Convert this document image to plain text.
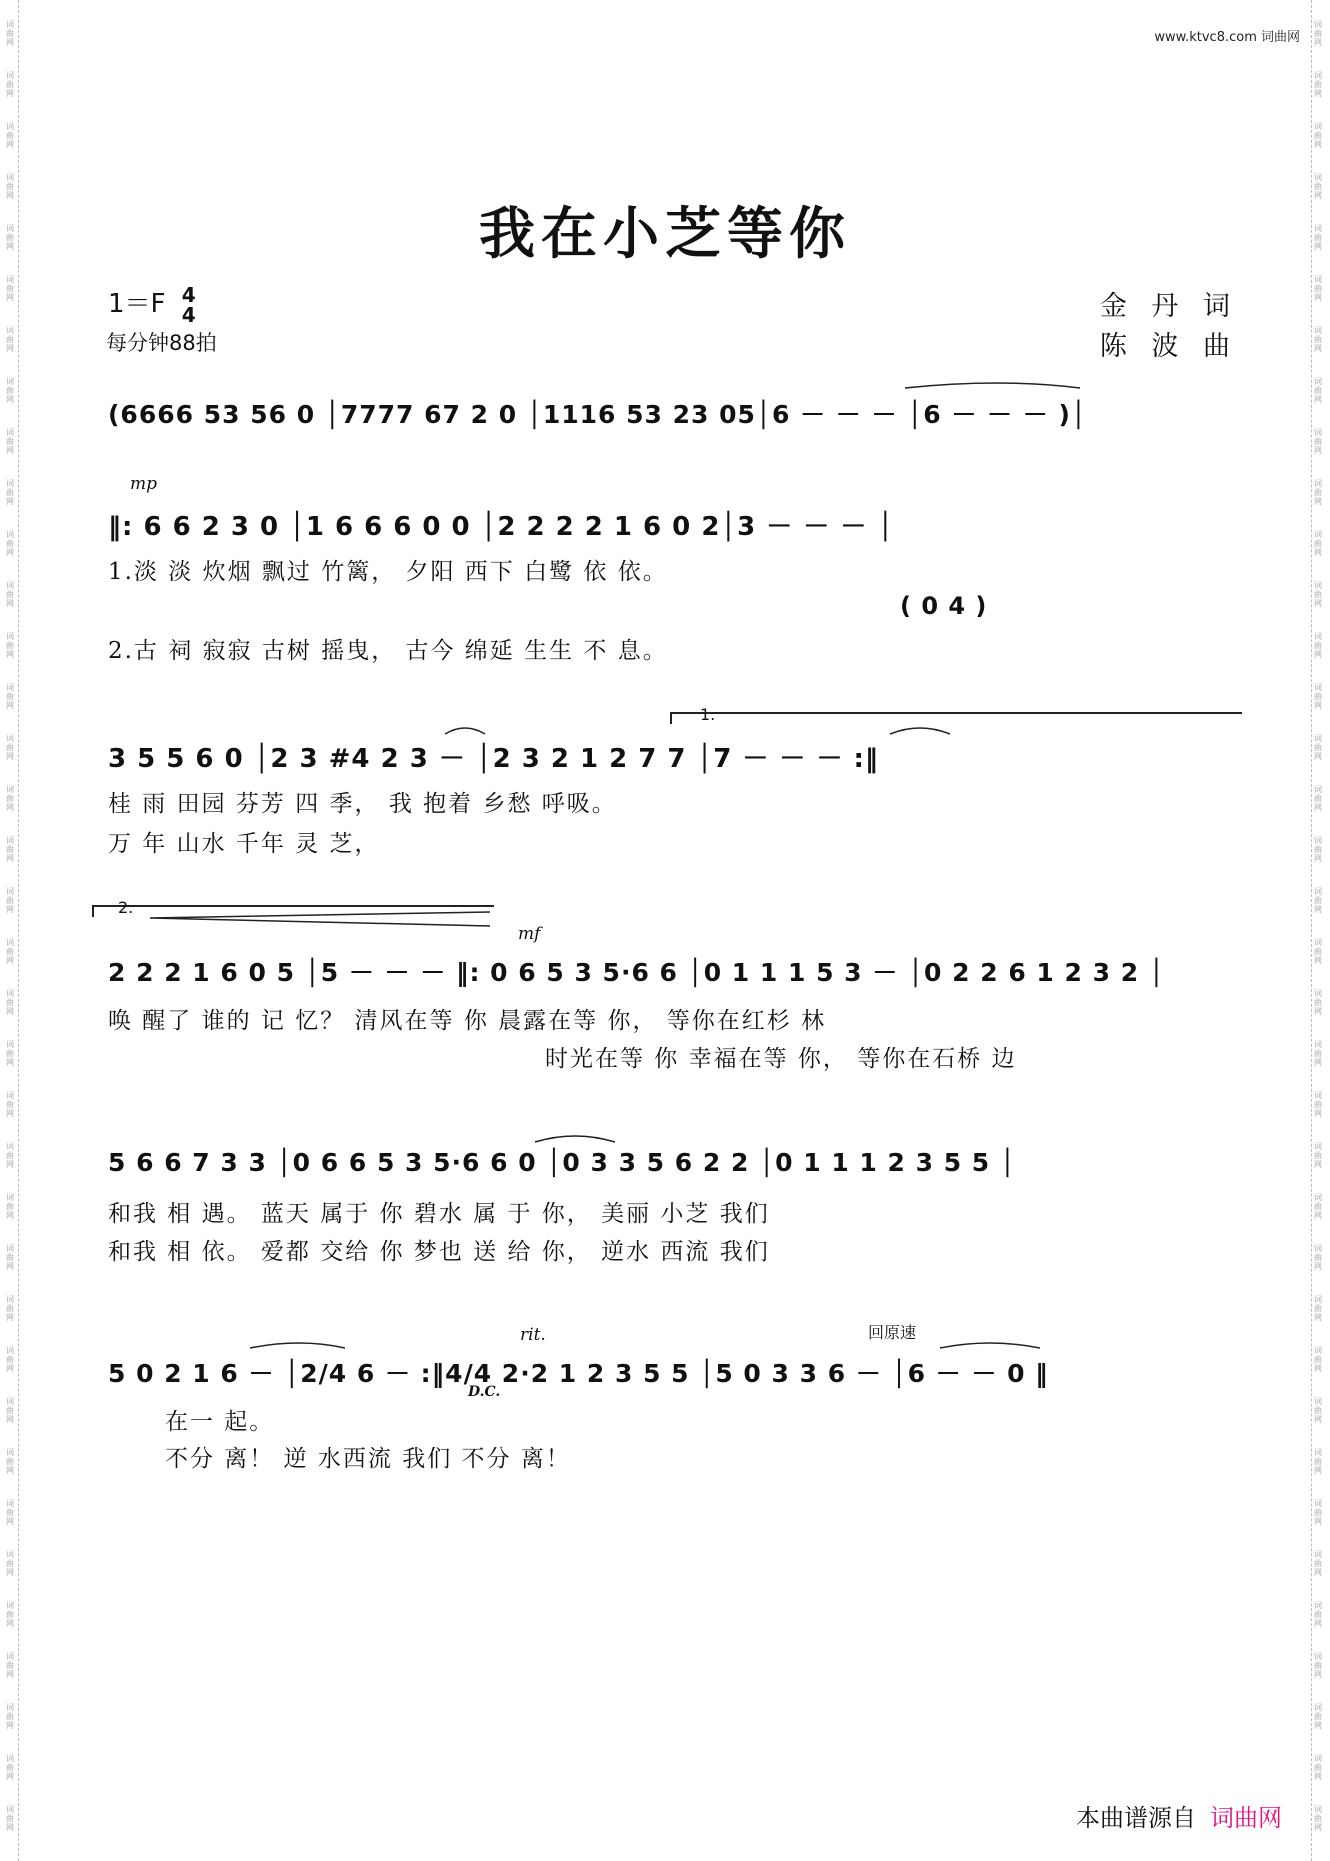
词
曲
网
词
曲
网
词
曲
网
词
曲
网
词
曲
网
词
曲
网
词
曲
网
词
曲
网
词
曲
网
词
曲
网
词
曲
网
词
曲
网
词
曲
网
词
曲
网
词
曲
网
词
曲
网
词
曲
网
词
曲
网
词
曲
网
词
曲
网
词
曲
网
词
曲
网
词
曲
网
词
曲
网
词
曲
网
词
曲
网
词
曲
网
词
曲
网
词
曲
网
词
曲
网
词
曲
网
词
曲
网
词
曲
网
词
曲
网
词
曲
网
词
曲
网
词
曲
网
词
曲
网
词
曲
网
词
曲
网
词
曲
网
词
曲
网
词
曲
网
词
曲
网
词
曲
网
词
曲
网
词
曲
网
词
曲
网
词
曲
网
词
曲
网
词
曲
网
词
曲
网
词
曲
网
词
曲
网
词
曲
网
词
曲
网
词
曲
网
词
曲
网
词
曲
网
词
曲
网
词
曲
网
词
曲
网
词
曲
网
词
曲
网
词
曲
网
词
曲
网
词
曲
网
词
曲
网
词
曲
网
词
曲
网
词
曲
网
词
曲
网
www.ktvc8.com 词曲网
我在小芝等你
1＝F 4
4
每分钟88拍
金 丹 词
陈 波 曲
(6666 53 56 0 │7777 67 2 0 │1116 53 23 05│6 － － － │6 － － － )│
mp
‖: 6 6 2 3 0 │1 6 6 6 0 0 │2 2 2 2 1 6 0 2│3 － － － │
1.淡 淡 炊烟 飘过 竹篱， 夕阳 西下 白鹭 依 依。
( 0 4 )
2.古 祠 寂寂 古树 摇曳， 古今 绵延 生生 不 息。
1.
3 5 5 6 0 │2 3 #4 2 3 － │2 3 2 1 2 7 7 │7 － － － :‖
桂 雨 田园 芬芳 四 季， 我 抱着 乡愁 呼吸。
万 年 山水 千年 灵 芝，
2.
mf
2 2 2 1 6 0 5 │5 － － － ‖: 0 6 5 3 5·6 6 │0 1 1 1 5 3 － │0 2 2 6 1 2 3 2 │
唤 醒了 谁的 记 忆？ 清风在等 你 晨露在等 你， 等你在红杉 林
时光在等 你 幸福在等 你， 等你在石桥 边
5 6 6 7 3 3 │0 6 6 5 3 5·6 6 0 │0 3 3 5 6 2 2 │0 1 1 1 2 3 5 5 │
和我 相 遇。 蓝天 属于 你 碧水 属 于 你， 美丽 小芝 我们
和我 相 依。 爱都 交给 你 梦也 送 给 你， 逆水 西流 我们
rit.	回原速
5 0 2 1 6 － │2/4 6 － :‖4/4 2·2 1 2 3 5 5 │5 0 3 3 6 － │6 － － 0 ‖
D.C.
在一 起。
不分 离！ 逆 水西流 我们 不分 离！
本曲谱源自 词曲网
